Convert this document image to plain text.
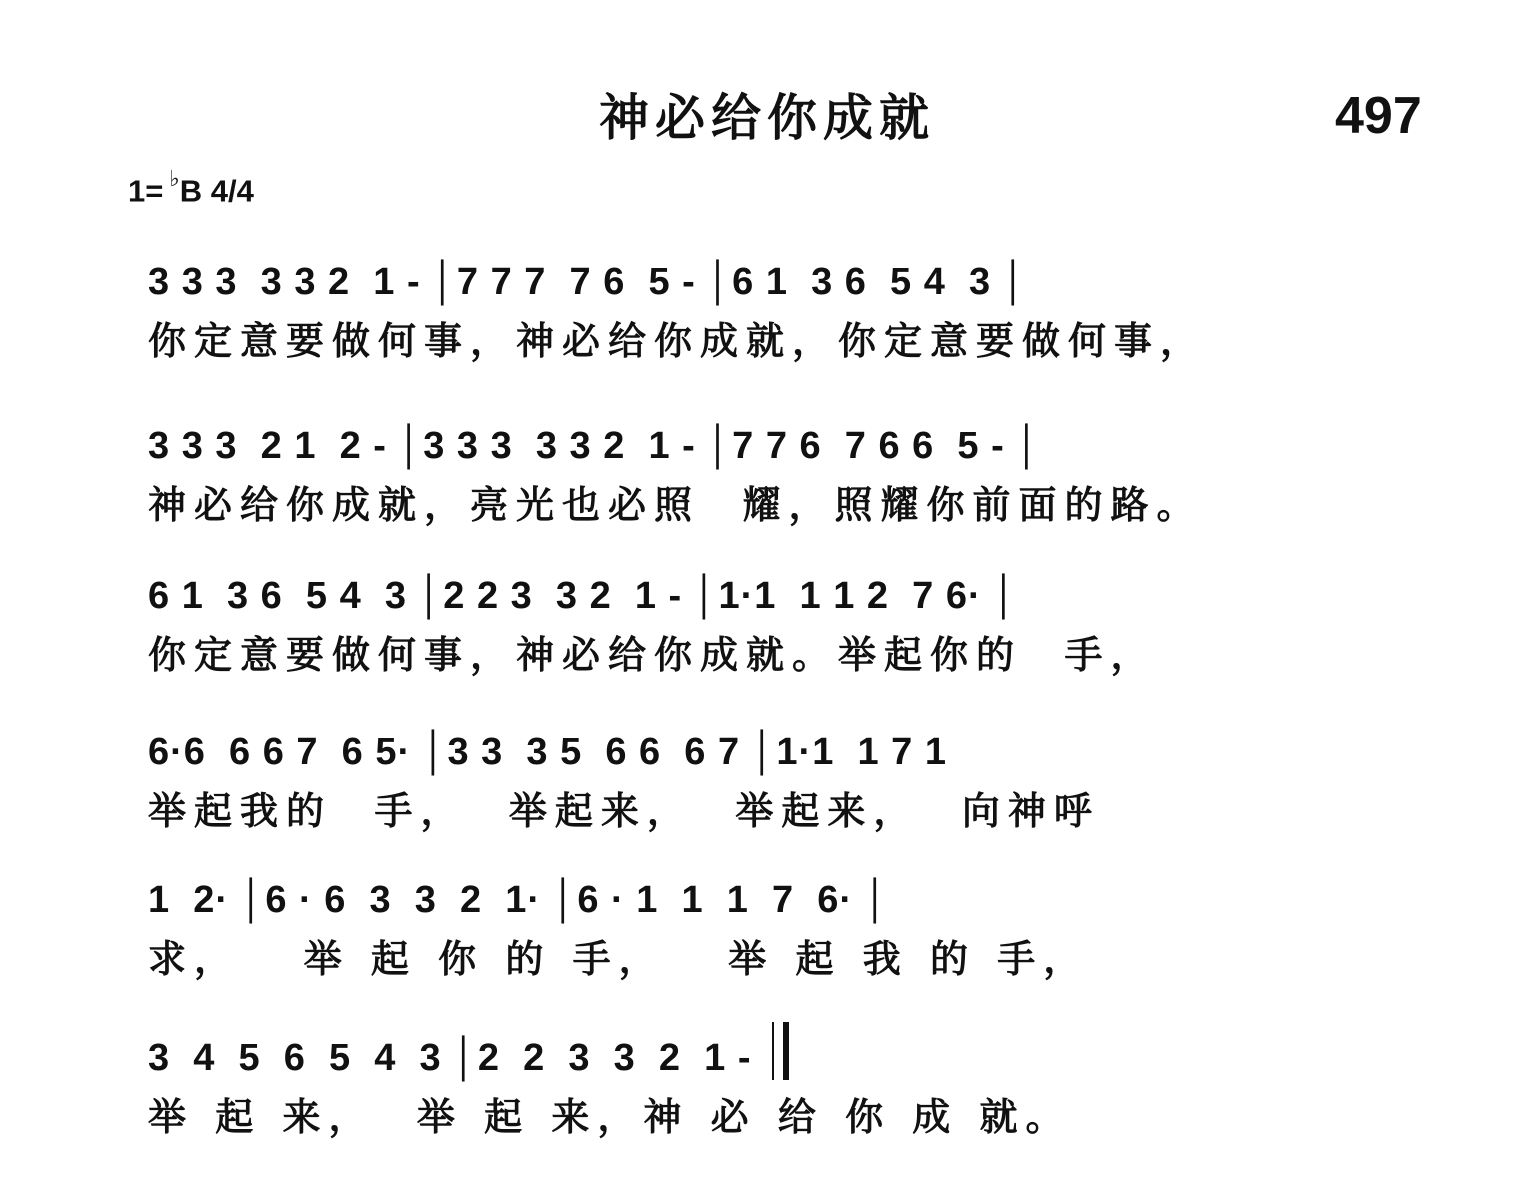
神必给你成就	497
1= ♭B 4/4
3 3 3  3 3 2  1 - │7 7 7  7 6  5 - │6 1  3 6  5 4  3 │
你定意要做何事，神必给你成就，你定意要做何事，
3 3 3  2 1  2 - │3 3 3  3 3 2  1 - │7 7 6  7 6 6  5 - │
神必给你成就，亮光也必照  耀，照耀你前面的路。
6 1  3 6  5 4  3 │2 2 3  3 2  1 - │1·1  1 1 2  7 6· │
你定意要做何事，神必给你成就。举起你的  手，
6·6  6 6 7  6 5· │3 3  3 5  6 6  6 7 │1·1  1 7 1
举起我的  手，  举起来，  举起来，  向神呼
1  2· │6 · 6  3  3  2  1· │6 · 1  1  1  7  6· │
求，   举 起 你 的 手，   举 起 我 的 手，
3  4  5  6  5  4  3 │2  2  3  3  2  1 -
举 起 来，  举 起 来，神 必 给 你 成 就。
